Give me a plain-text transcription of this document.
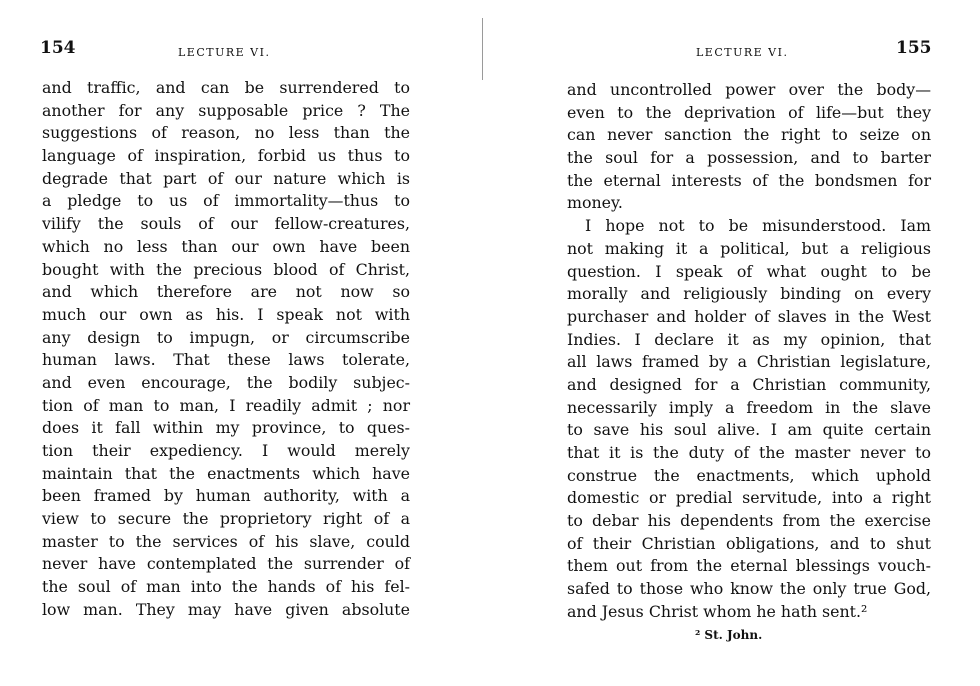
154	LECTURE VI.
and traffic, and can be surrendered to
another for any supposable price ? The
suggestions of reason, no less than the
language of inspiration, forbid us thus to
degrade that part of our nature which is
a pledge to us of immortality—thus to
vilify the souls of our fellow-creatures,
which no less than our own have been
bought with the precious blood of Christ,
and which therefore are not now so
much our own as his. I speak not with
any design to impugn, or circumscribe
human laws. That these laws tolerate,
and even encourage, the bodily subjec-
tion of man to man, I readily admit ; nor
does it fall within my province, to ques-
tion their expediency. I would merely
maintain that the enactments which have
been framed by human authority, with a
view to secure the proprietory right of a
master to the services of his slave, could
never have contemplated the surrender of
the soul of man into the hands of his fel-
low man. They may have given absolute
LECTURE VI.	155
and uncontrolled power over the body—
even to the deprivation of life—but they
can never sanction the right to seize on
the soul for a possession, and to barter
the eternal interests of the bondsmen for
money.
I hope not to be misunderstood. Iam
not making it a political, but a religious
question. I speak of what ought to be
morally and religiously binding on every
purchaser and holder of slaves in the West
Indies. I declare it as my opinion, that
all laws framed by a Christian legislature,
and designed for a Christian community,
necessarily imply a freedom in the slave
to save his soul alive. I am quite certain
that it is the duty of the master never to
construe the enactments, which uphold
domestic or predial servitude, into a right
to debar his dependents from the exercise
of their Christian obligations, and to shut
them out from the eternal blessings vouch-
safed to those who know the only true God,
and Jesus Christ whom he hath sent.²
² St. John.
